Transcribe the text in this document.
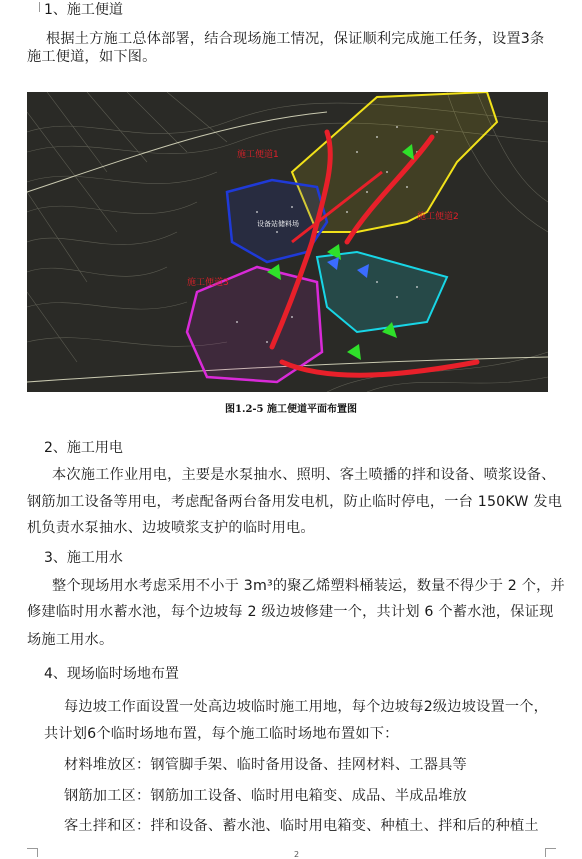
1、施工便道
根据土方施工总体部署，结合现场施工情况，保证顺利完成施工任务，设置3条
施工便道，如下图。
施工便道1
施工便道2
施工便道3
设备站储料场
图1.2-5 施工便道平面布置图
2、施工用电
本次施工作业用电，主要是水泵抽水、照明、客土喷播的拌和设备、喷浆设备、
钢筋加工设备等用电，考虑配备两台备用发电机，防止临时停电，一台 150KW 发电
机负责水泵抽水、边坡喷浆支护的临时用电。
3、施工用水
整个现场用水考虑采用不小于 3m³的聚乙烯塑料桶装运，数量不得少于 2 个，并
修建临时用水蓄水池，每个边坡每 2 级边坡修建一个，共计划 6 个蓄水池，保证现
场施工用水。
4、现场临时场地布置
每边坡工作面设置一处高边坡临时施工用地，每个边坡每2级边坡设置一个，
共计划6个临时场地布置，每个施工临时场地布置如下：
材料堆放区：钢管脚手架、临时备用设备、挂网材料、工器具等
钢筋加工区：钢筋加工设备、临时用电箱变、成品、半成品堆放
客土拌和区：拌和设备、蓄水池、临时用电箱变、种植土、拌和后的种植土
2
